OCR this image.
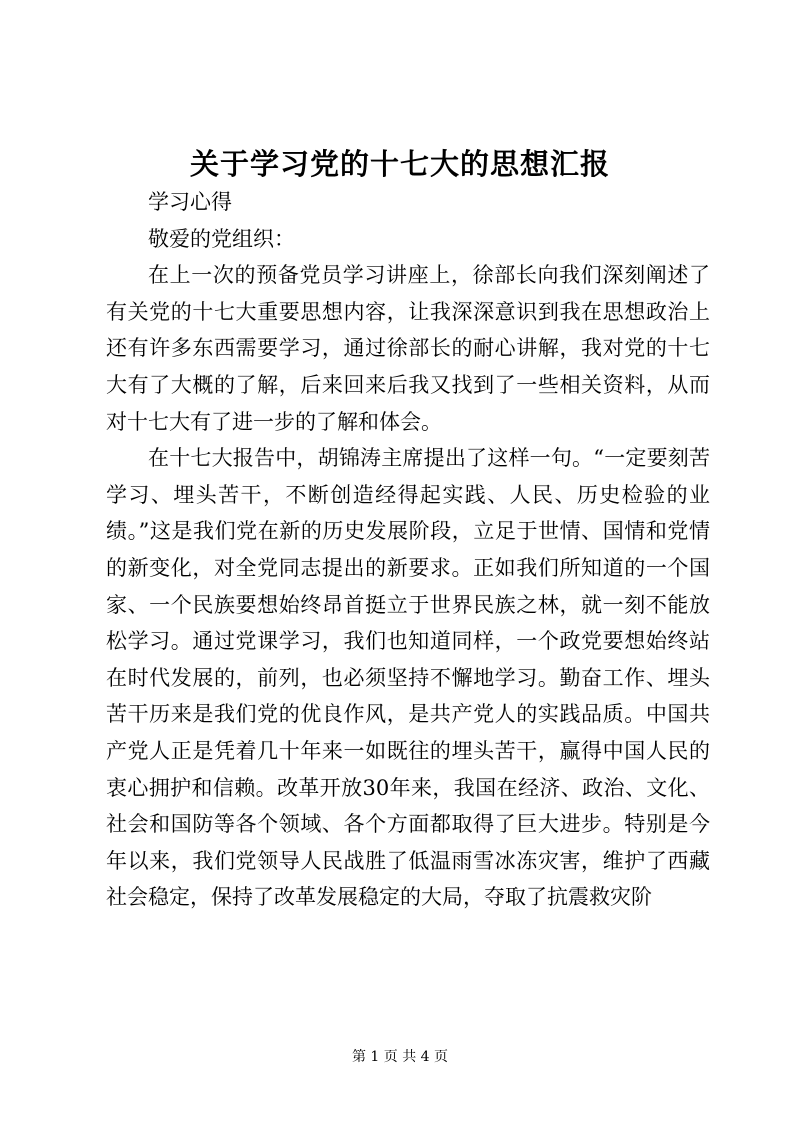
关于学习党的十七大的思想汇报

学习心得

敬爱的党组织：

在上一次的预备党员学习讲座上，徐部长向我们深刻阐述了有关党的十七大重要思想内容，让我深深意识到我在思想政治上还有许多东西需要学习，通过徐部长的耐心讲解，我对党的十七大有了大概的了解，后来回来后我又找到了一些相关资料，从而对十七大有了进一步的了解和体会。

在十七大报告中，胡锦涛主席提出了这样一句。“一定要刻苦学习、埋头苦干，不断创造经得起实践、人民、历史检验的业绩。”这是我们党在新的历史发展阶段，立足于世情、国情和党情的新变化，对全党同志提出的新要求。正如我们所知道的一个国家、一个民族要想始终昂首挺立于世界民族之林，就一刻不能放松学习。通过党课学习，我们也知道同样，一个政党要想始终站在时代发展的，前列，也必须坚持不懈地学习。勤奋工作、埋头苦干历来是我们党的优良作风，是共产党人的实践品质。中国共产党人正是凭着几十年来一如既往的埋头苦干，赢得中国人民的衷心拥护和信赖。改革开放30年来，我国在经济、政治、文化、社会和国防等各个领域、各个方面都取得了巨大进步。特别是今年以来，我们党领导人民战胜了低温雨雪冰冻灾害，维护了西藏社会稳定，保持了改革发展稳定的大局，夺取了抗震救灾阶

第 1 页 共 4 页
